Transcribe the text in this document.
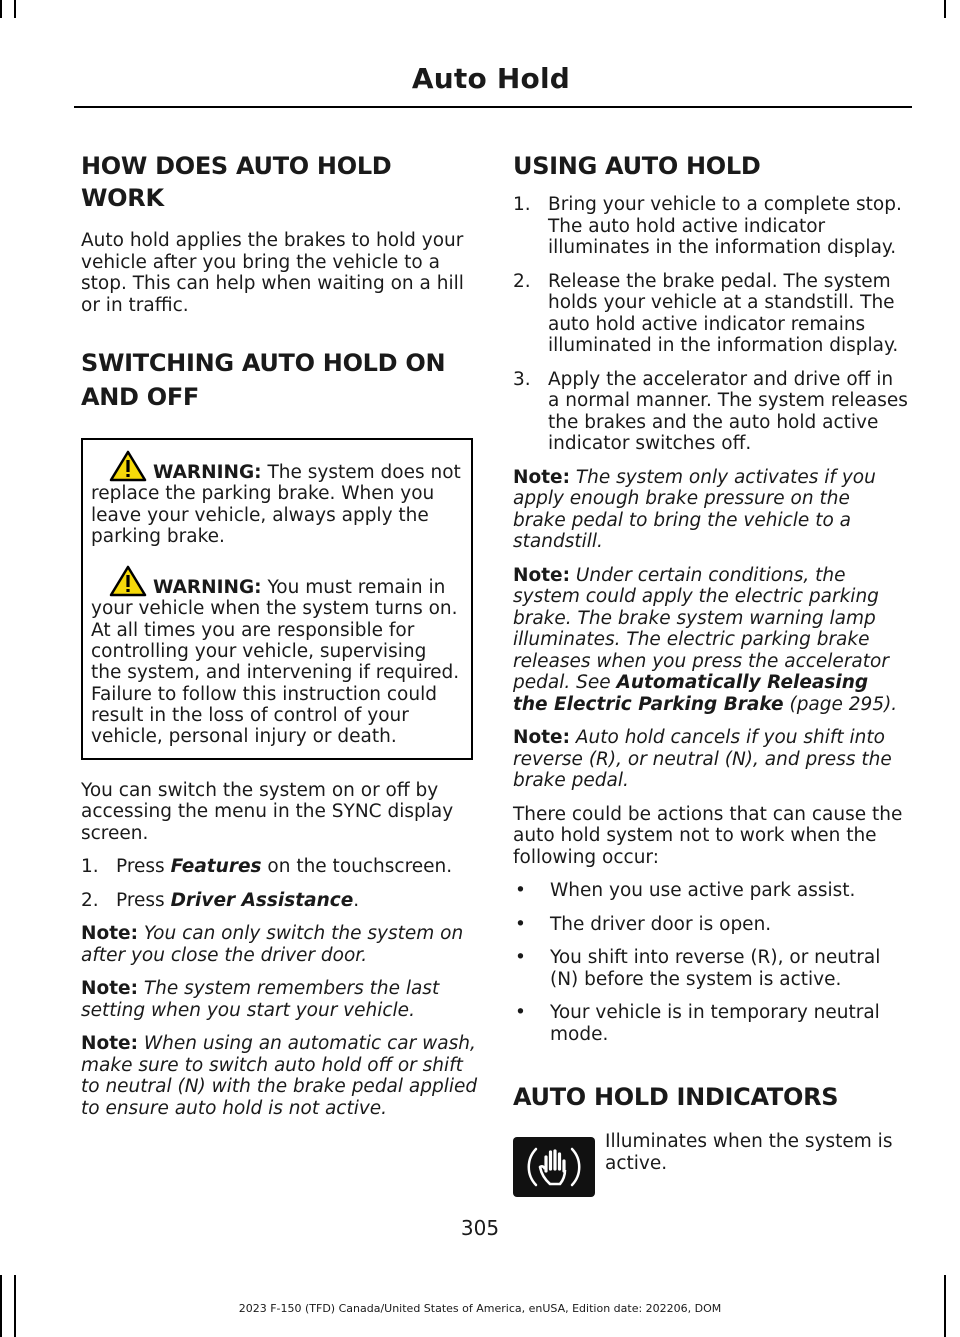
Auto Hold
HOW DOES AUTO HOLD WORK

Auto hold applies the brakes to hold your vehicle after you bring the vehicle to a stop. This can help when waiting on a hill or in traffic.

SWITCHING AUTO HOLD ON
AND OFF
WARNING: The system does not replace the parking brake. When you leave your vehicle, always apply the parking brake.
WARNING: You must remain in your vehicle when the system turns on. At all times you are responsible for controlling your vehicle, supervising the system, and intervening if required. Failure to follow this instruction could result in the loss of control of your vehicle, personal injury or death.

You can switch the system on or off by accessing the menu in the SYNC display screen.

1. Press Features on the touchscreen.
2. Press Driver Assistance.

Note: You can only switch the system on after you close the driver door.

Note: The system remembers the last setting when you start your vehicle.

Note: When using an automatic car wash, make sure to switch auto hold off or shift to neutral (N) with the brake pedal applied to ensure auto hold is not active.

USING AUTO HOLD
1. Bring your vehicle to a complete stop. The auto hold active indicator illuminates in the information display.
2. Release the brake pedal. The system holds your vehicle at a standstill. The auto hold active indicator remains illuminated in the information display.
3. Apply the accelerator and drive off in a normal manner. The system releases the brakes and the auto hold active indicator switches off.

Note: The system only activates if you apply enough brake pressure on the brake pedal to bring the vehicle to a standstill.

Note: Under certain conditions, the system could apply the electric parking brake. The brake system warning lamp illuminates. The electric parking brake releases when you press the accelerator pedal. See Automatically Releasing the Electric Parking Brake (page 295).

Note: Auto hold cancels if you shift into reverse (R), or neutral (N), and press the brake pedal.

There could be actions that can cause the auto hold system not to work when the following occur:

•	When you use active park assist.
•	The driver door is open.
•	You shift into reverse (R), or neutral (N) before the system is active.
•	Your vehicle is in temporary neutral mode.
AUTO HOLD INDICATORS

Illuminates when the system is active.

305
2023 F-150 (TFD) Canada/United States of America, enUSA, Edition date: 202206, DOM
